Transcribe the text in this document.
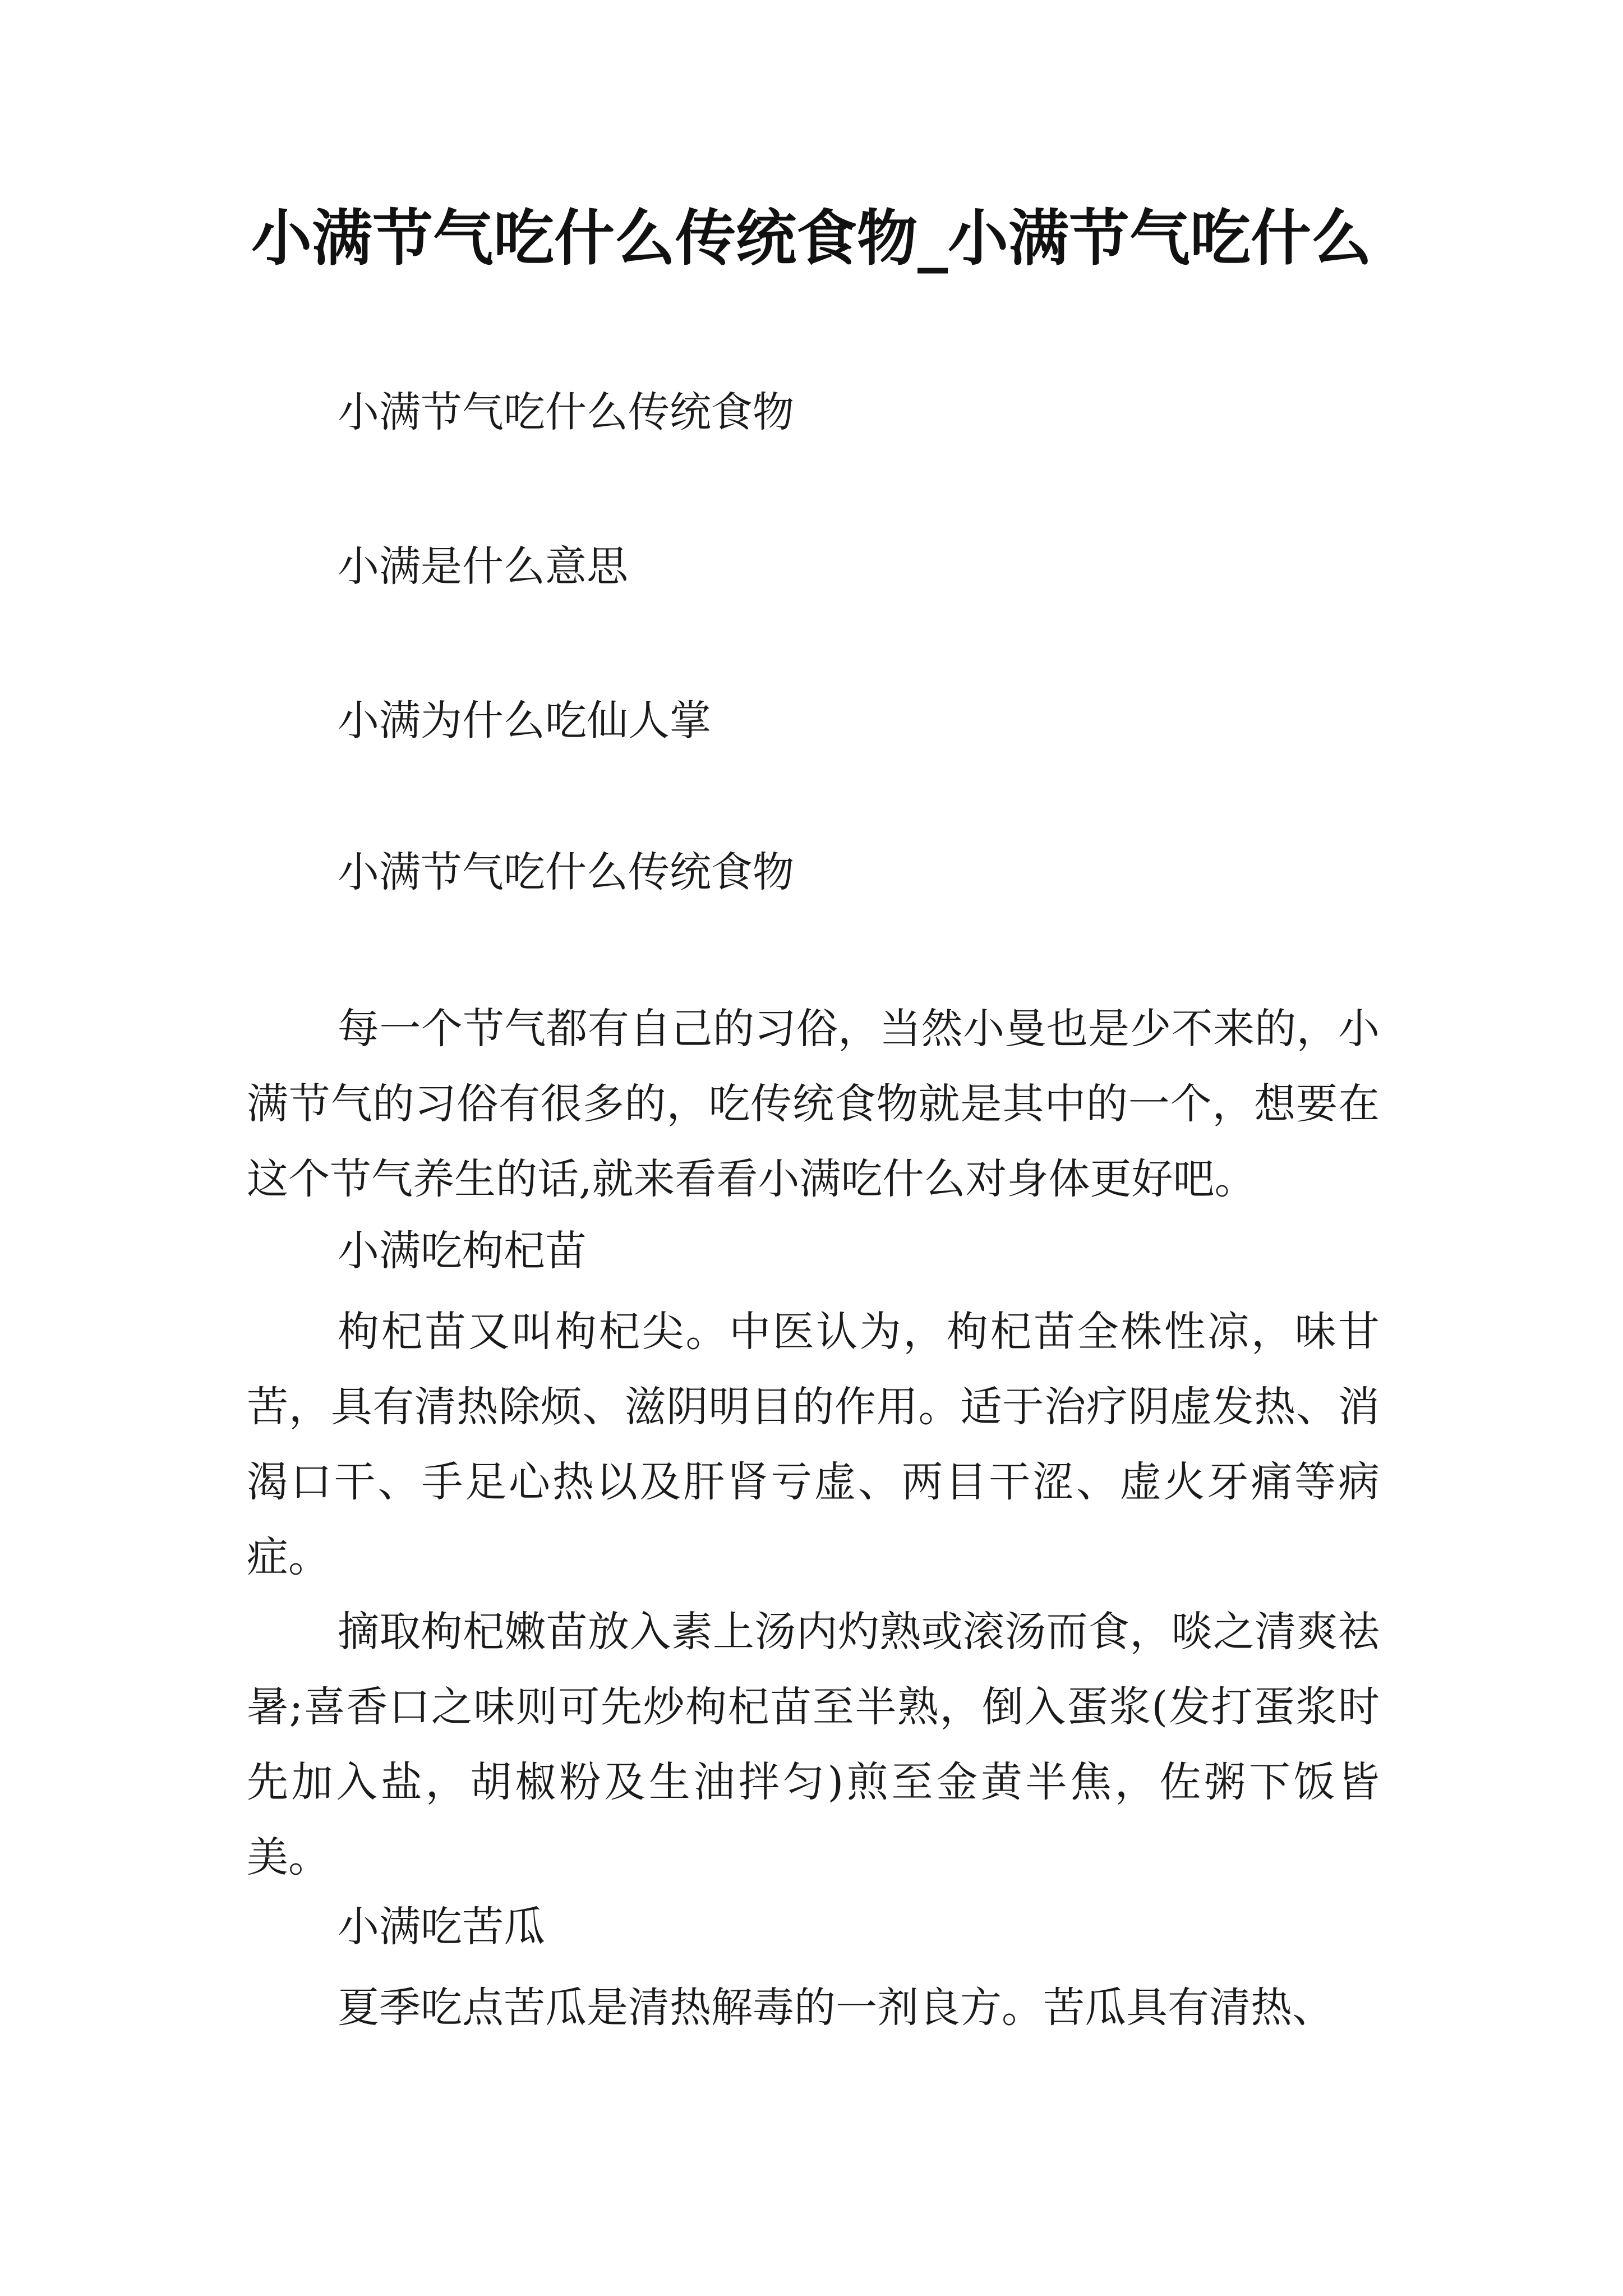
小满节气吃什么传统食物_小满节气吃什么
小满节气吃什么传统食物
小满是什么意思
小满为什么吃仙人掌
小满节气吃什么传统食物
每一个节气都有自己的习俗，当然小曼也是少不来的，小满节气的习俗有很多的，吃传统食物就是其中的一个，想要在这个节气养生的话,就来看看小满吃什么对身体更好吧。
小满吃枸杞苗
枸杞苗又叫枸杞尖。中医认为，枸杞苗全株性凉，味甘苦，具有清热除烦、滋阴明目的作用。适于治疗阴虚发热、消渴口干、手足心热以及肝肾亏虚、两目干涩、虚火牙痛等病症。
摘取枸杞嫩苗放入素上汤内灼熟或滚汤而食，啖之清爽祛暑;喜香口之味则可先炒枸杞苗至半熟，倒入蛋浆(发打蛋浆时先加入盐，胡椒粉及生油拌匀)煎至金黄半焦，佐粥下饭皆美。
小满吃苦瓜
夏季吃点苦瓜是清热解毒的一剂良方。苦瓜具有清热、
